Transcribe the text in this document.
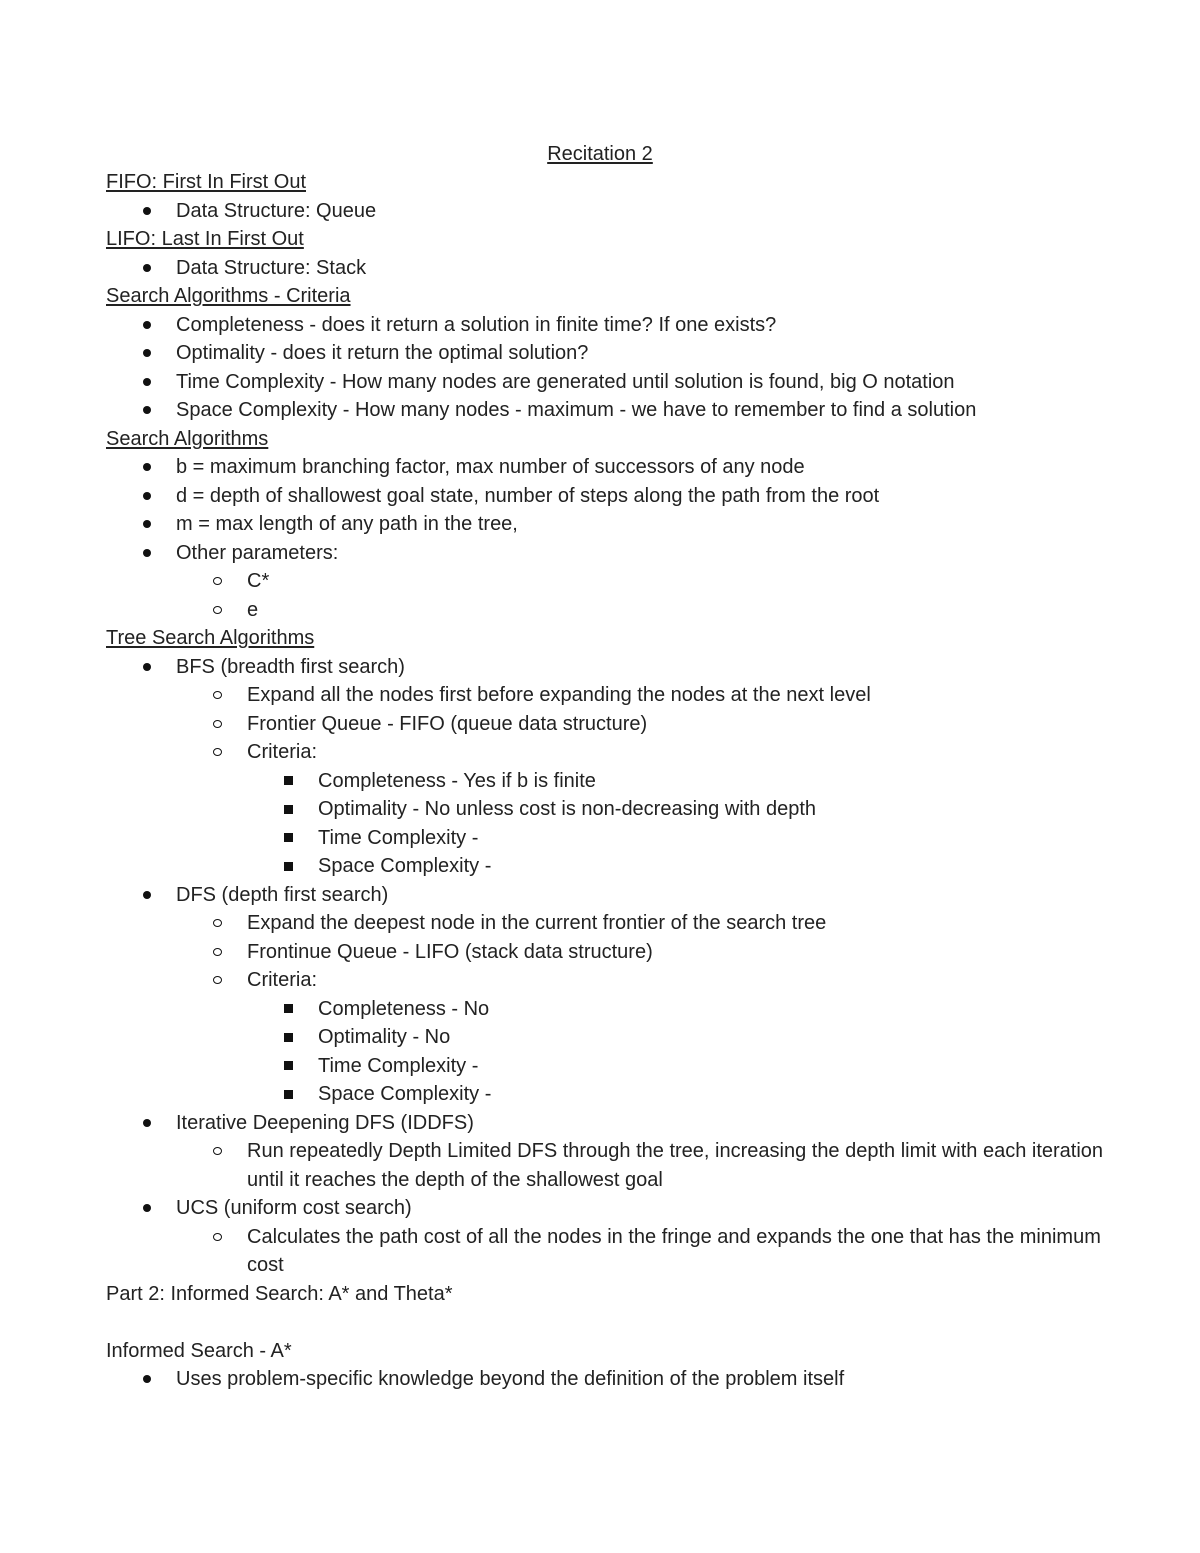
Recitation 2
FIFO: First In First Out
Data Structure: Queue
LIFO: Last In First Out
Data Structure: Stack
Search Algorithms - Criteria
Completeness - does it return a solution in finite time? If one exists?
Optimality - does it return the optimal solution?
Time Complexity - How many nodes are generated until solution is found, big O notation
Space Complexity - How many nodes - maximum - we have to remember to find a solution
Search Algorithms
b = maximum branching factor, max number of successors of any node
d = depth of shallowest goal state, number of steps along the path from the root
m = max length of any path in the tree,
Other parameters:
C*
e
Tree Search Algorithms
BFS (breadth first search)
Expand all the nodes first before expanding the nodes at the next level
Frontier Queue - FIFO (queue data structure)
Criteria:
Completeness - Yes if b is finite
Optimality - No unless cost is non-decreasing with depth
Time Complexity -
Space Complexity -
DFS (depth first search)
Expand the deepest node in the current frontier of the search tree
Frontinue Queue - LIFO (stack data structure)
Criteria:
Completeness - No
Optimality - No
Time Complexity -
Space Complexity -
Iterative Deepening DFS (IDDFS)
Run repeatedly Depth Limited DFS through the tree, increasing the depth limit with each iteration until it reaches the depth of the shallowest goal
UCS (uniform cost search)
Calculates the path cost of all the nodes in the fringe and expands the one that has the minimum cost
Part 2: Informed Search: A* and Theta*
Informed Search - A*
Uses problem-specific knowledge beyond the definition of the problem itself
